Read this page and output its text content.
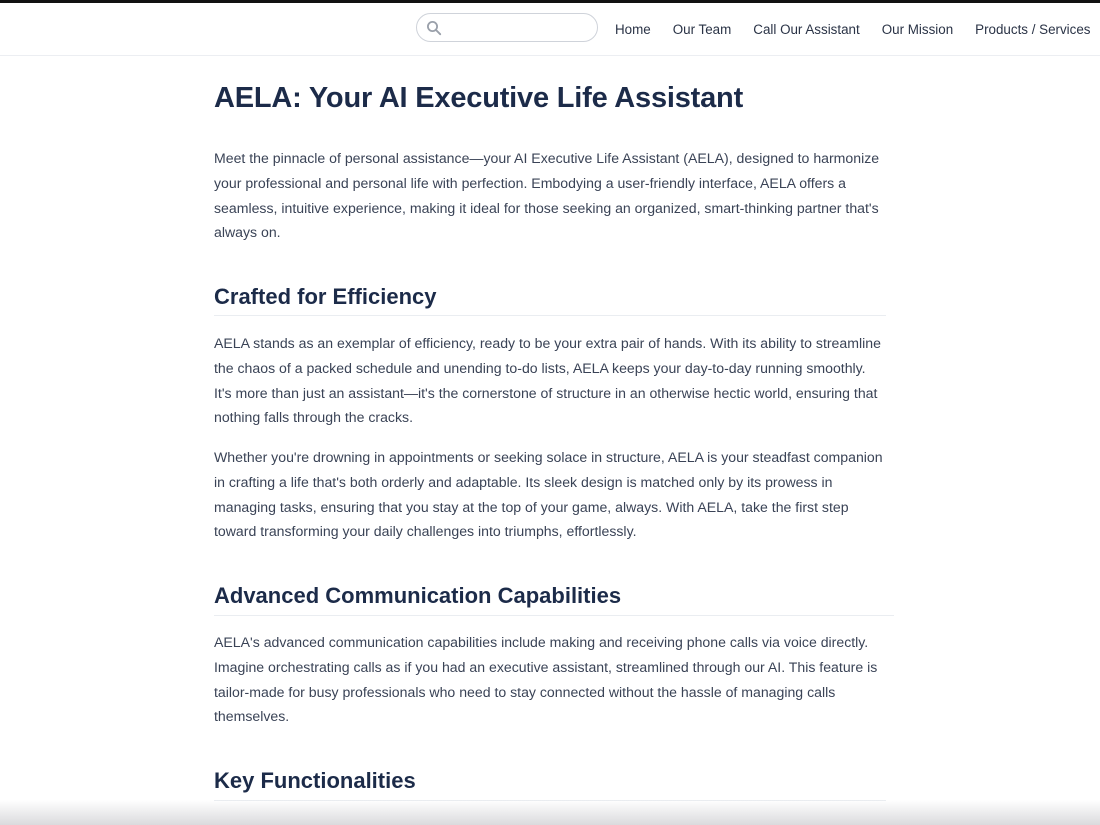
Home	Our Team	Call Our Assistant	Our Mission	Products / Services
AELA: Your AI Executive Life Assistant

Meet the pinnacle of personal assistance—your AI Executive Life Assistant (AELA), designed to harmonize your professional and personal life with perfection. Embodying a user-friendly interface, AELA offers a seamless, intuitive experience, making it ideal for those seeking an organized, smart-thinking partner that's always on.

Crafted for Efficiency

AELA stands as an exemplar of efficiency, ready to be your extra pair of hands. With its ability to streamline the chaos of a packed schedule and unending to-do lists, AELA keeps your day-to-day running smoothly. It's more than just an assistant—it's the cornerstone of structure in an otherwise hectic world, ensuring that nothing falls through the cracks.

Whether you're drowning in appointments or seeking solace in structure, AELA is your steadfast companion in crafting a life that's both orderly and adaptable. Its sleek design is matched only by its prowess in managing tasks, ensuring that you stay at the top of your game, always. With AELA, take the first step toward transforming your daily challenges into triumphs, effortlessly.

Advanced Communication Capabilities

AELA's advanced communication capabilities include making and receiving phone calls via voice directly. Imagine orchestrating calls as if you had an executive assistant, streamlined through our AI. This feature is tailor-made for busy professionals who need to stay connected without the hassle of managing calls themselves.

Key Functionalities
